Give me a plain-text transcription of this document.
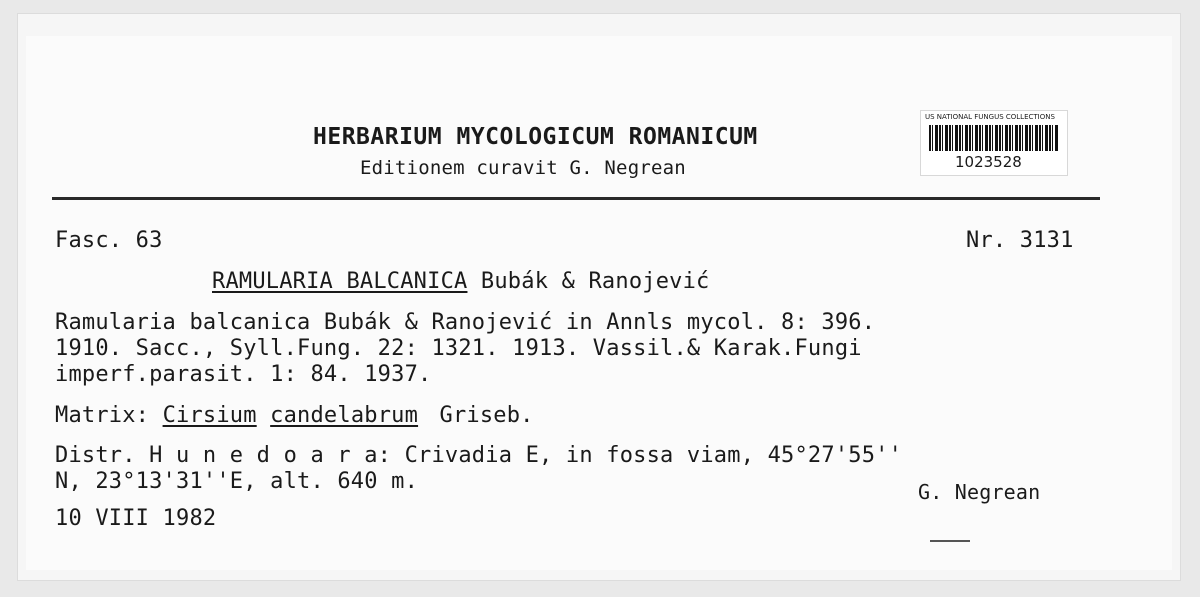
HERBARIUM MYCOLOGICUM ROMANICUM
Editionem curavit G. Negrean
US NATIONAL FUNGUS COLLECTIONS
1023528
Fasc. 63	Nr. 3131
RAMULARIA BALCANICA Bubák & Ranojević
Ramularia balcanica Bubák & Ranojević in Annls mycol. 8: 396.
1910. Sacc., Syll.Fung. 22: 1321. 1913. Vassil.& Karak.Fungi
imperf.parasit. 1: 84. 1937.
Matrix: Cirsium candelabrum Griseb.
Distr. H u n e d o a r a: Crivadia E, in fossa viam, 45°27'55''
N, 23°13'31''E, alt. 640 m.	G. Negrean
10 VIII 1982
